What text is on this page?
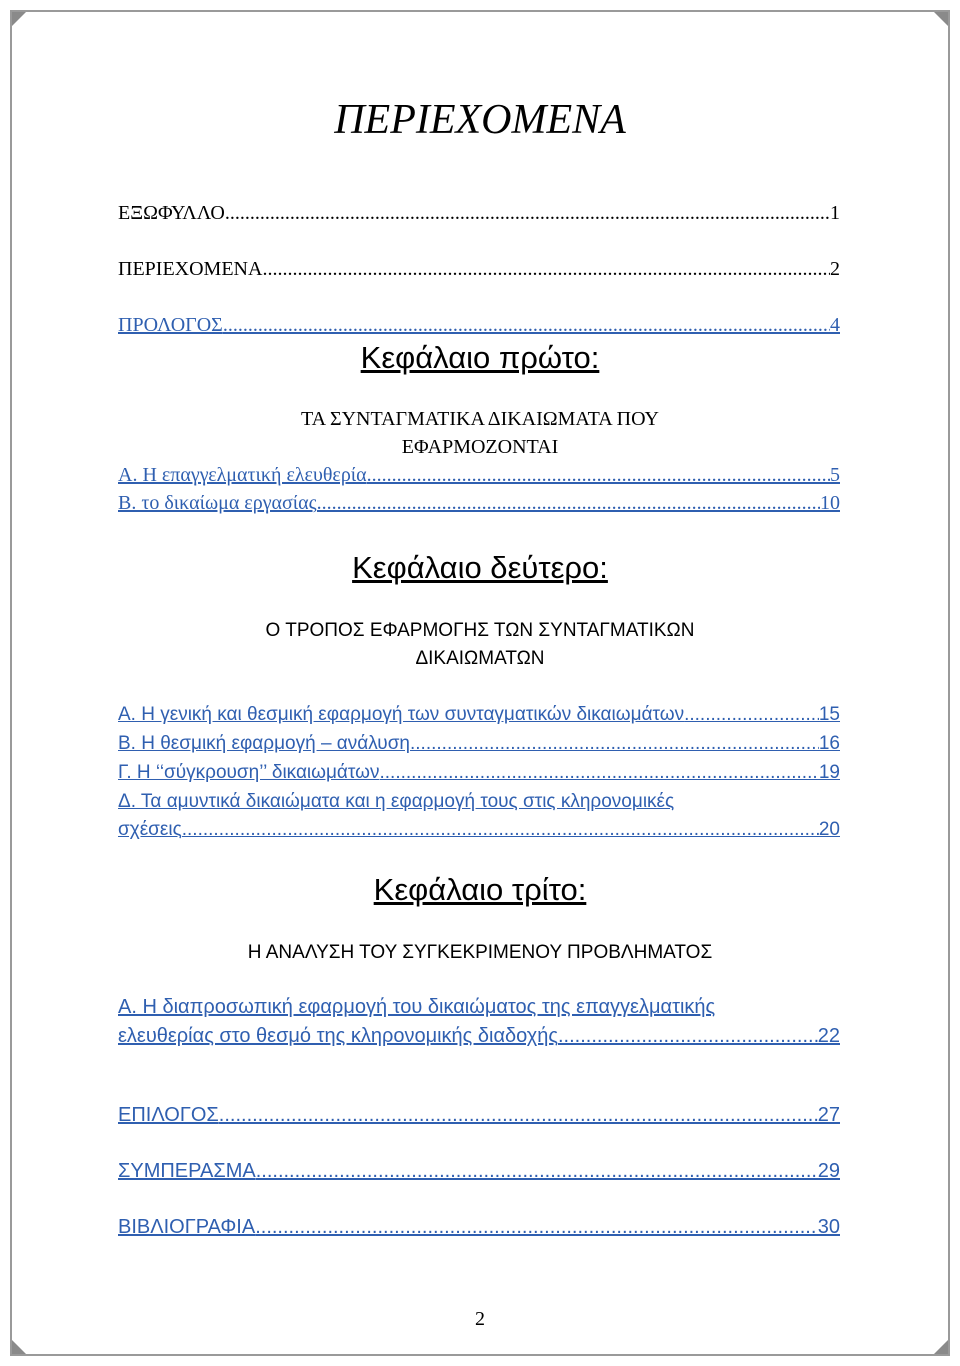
ΠΕΡΙΕΧΟΜΕΝΑ
ΕΞΩΦΥΛΛΟ .....	1
ΠΕΡΙΕΧΟΜΕΝΑ .....	2
ΠΡΟΛΟΓΟΣ .....	4
Κεφάλαιο πρώτο:
ΤΑ ΣΥΝΤΑΓΜΑΤΙΚΑ ΔΙΚΑΙΩΜΑΤΑ ΠΟΥ
ΕΦΑΡΜΟΖΟΝΤΑΙ
Α. Η επαγγελματική ελευθερία .....	5
Β. το δικαίωμα εργασίας .....	10
Κεφάλαιο δεύτερο:
Ο ΤΡΟΠΟΣ ΕΦΑΡΜΟΓΗΣ ΤΩΝ ΣΥΝΤΑΓΜΑΤΙΚΩΝ
ΔΙΚΑΙΩΜΑΤΩΝ
Α. Η γενική και θεσμική εφαρμογή των συνταγματικών δικαιωμάτων .....	15
Β. Η θεσμική εφαρμογή – ανάλυση .....	16
Γ. Η ‘‘σύγκρουση’’ δικαιωμάτων .....	19
Δ. Τα αμυντικά δικαιώματα και η εφαρμογή τους στις κληρονομικές
σχέσεις .....	20
Κεφάλαιο τρίτο:
Η ΑΝΑΛΥΣΗ ΤΟΥ ΣΥΓΚΕΚΡΙΜΕΝΟΥ ΠΡΟΒΛΗΜΑΤΟΣ
Α. Η διαπροσωπική εφαρμογή του δικαιώματος της επαγγελματικής
ελευθερίας στο θεσμό της κληρονομικής διαδοχής .....	22
ΕΠΙΛΟΓΟΣ .....	27
ΣΥΜΠΕΡΑΣΜΑ .....	29
ΒΙΒΛΙΟΓΡΑΦΙΑ .....	30
2
